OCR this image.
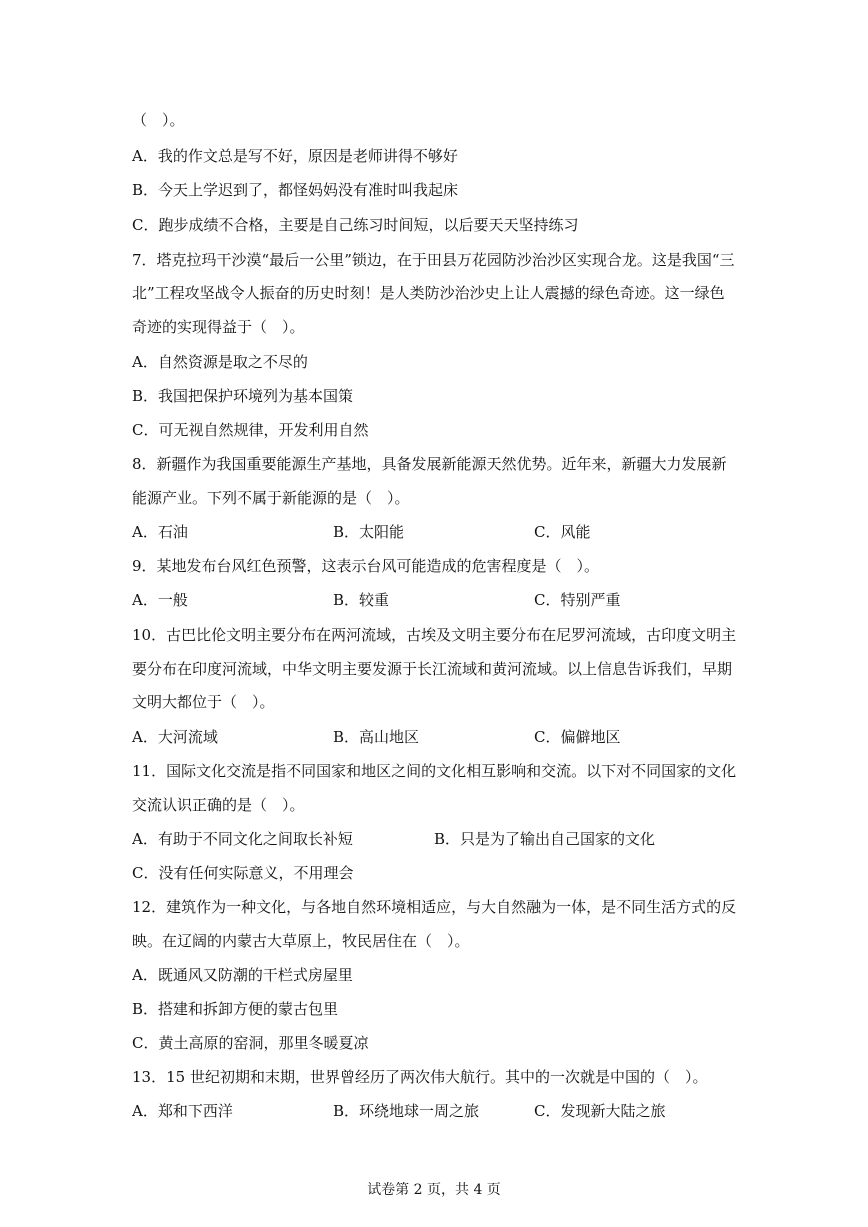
（　）。
A．我的作文总是写不好，原因是老师讲得不够好
B．今天上学迟到了，都怪妈妈没有准时叫我起床
C．跑步成绩不合格，主要是自己练习时间短，以后要天天坚持练习
7．塔克拉玛干沙漠“最后一公里”锁边，在于田县万花园防沙治沙区实现合龙。这是我国“三
北”工程攻坚战令人振奋的历史时刻！是人类防沙治沙史上让人震撼的绿色奇迹。这一绿色
奇迹的实现得益于（　）。
A．自然资源是取之不尽的
B．我国把保护环境列为基本国策
C．可无视自然规律，开发利用自然
8．新疆作为我国重要能源生产基地，具备发展新能源天然优势。近年来，新疆大力发展新
能源产业。下列不属于新能源的是（　）。
A．石油	B．太阳能	C．风能
9．某地发布台风红色预警，这表示台风可能造成的危害程度是（　）。
A．一般	B．较重	C．特别严重
10．古巴比伦文明主要分布在两河流域，古埃及文明主要分布在尼罗河流域，古印度文明主
要分布在印度河流域，中华文明主要发源于长江流域和黄河流域。以上信息告诉我们，早期
文明大都位于（　）。
A．大河流域	B．高山地区	C．偏僻地区
11．国际文化交流是指不同国家和地区之间的文化相互影响和交流。以下对不同国家的文化
交流认识正确的是（　）。
A．有助于不同文化之间取长补短	B．只是为了输出自己国家的文化
C．没有任何实际意义，不用理会
12．建筑作为一种文化，与各地自然环境相适应，与大自然融为一体，是不同生活方式的反
映。在辽阔的内蒙古大草原上，牧民居住在（　）。
A．既通风又防潮的干栏式房屋里
B．搭建和拆卸方便的蒙古包里
C．黄土高原的窑洞，那里冬暖夏凉
13．15 世纪初期和末期，世界曾经历了两次伟大航行。其中的一次就是中国的（　）。
A．郑和下西洋	B．环绕地球一周之旅	C．发现新大陆之旅
试卷第 2 页，共 4 页
